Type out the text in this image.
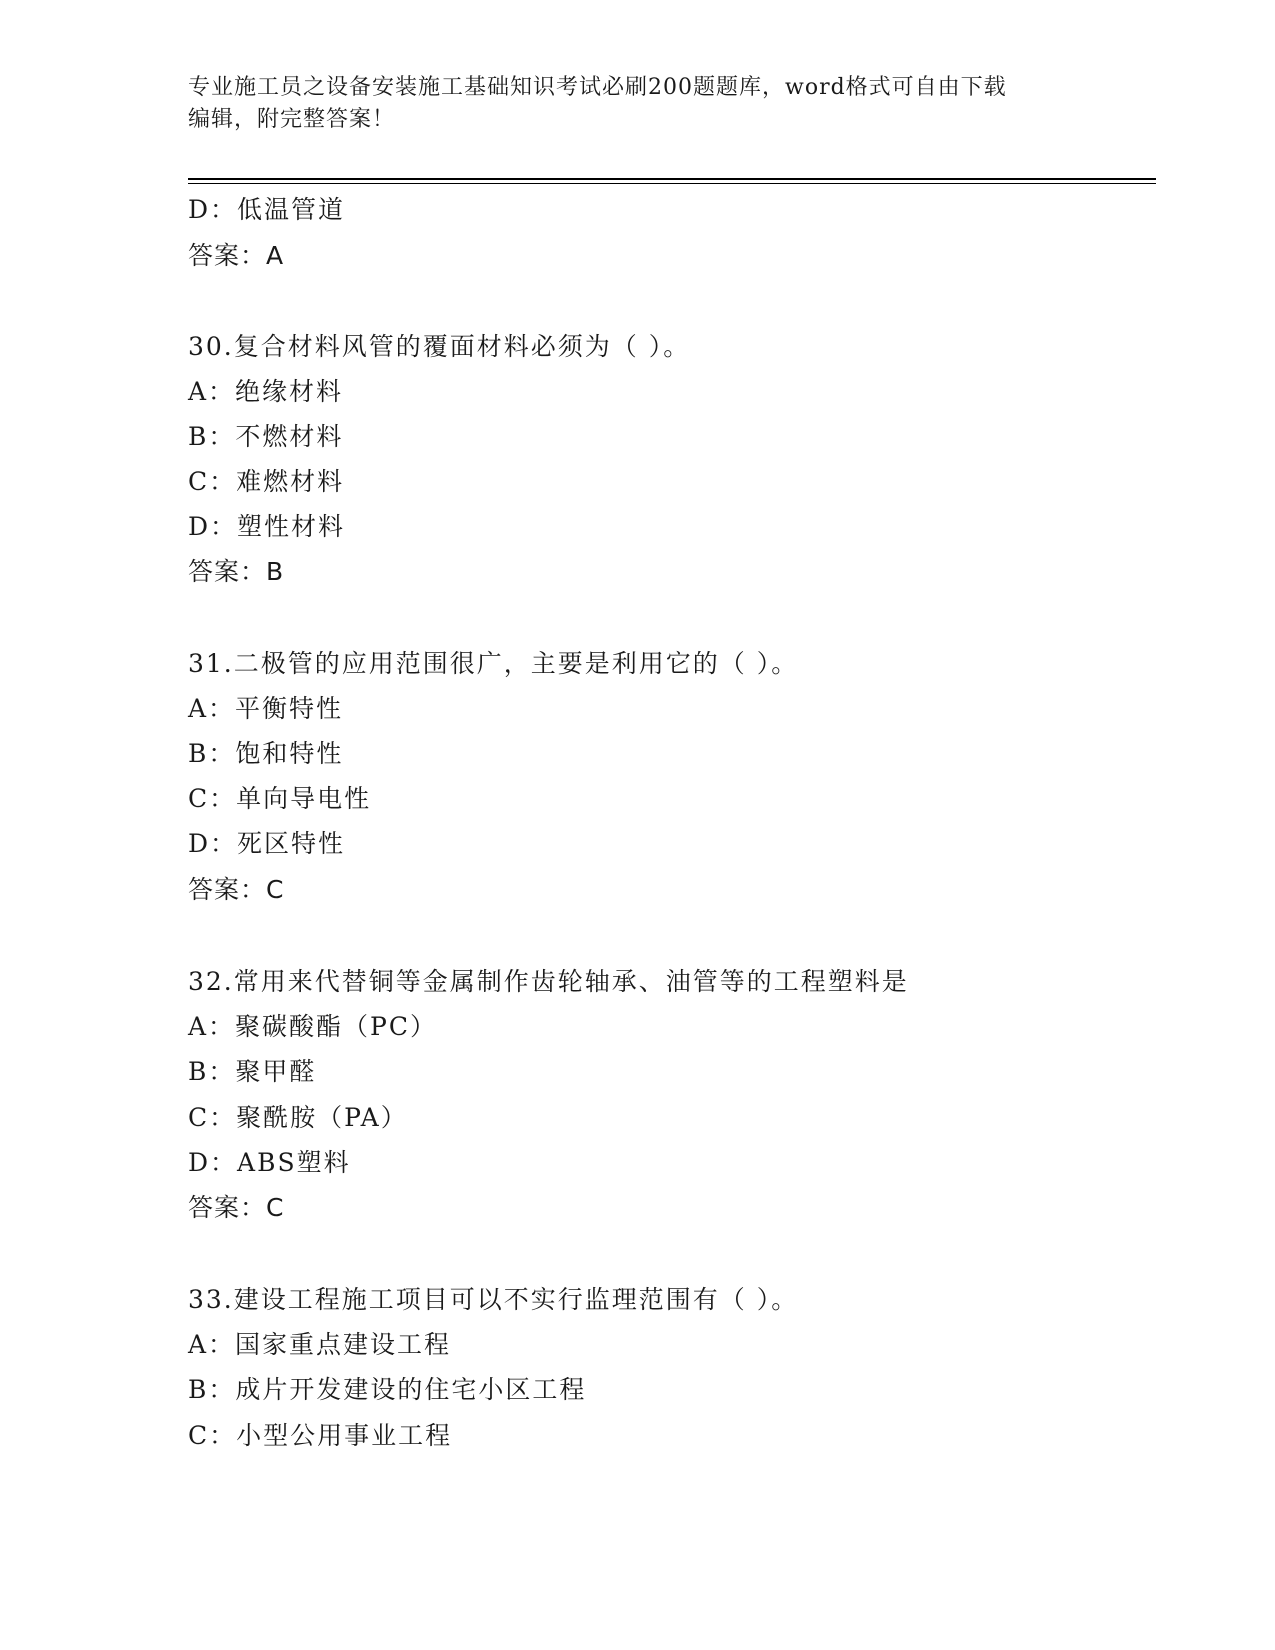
专业施工员之设备安装施工基础知识考试必刷200题题库，word格式可自由下载
编辑，附完整答案！
D：低温管道
答案：A
30.复合材料风管的覆面材料必须为（ ）。
A：绝缘材料
B：不燃材料
C：难燃材料
D：塑性材料
答案：B
31.二极管的应用范围很广，主要是利用它的（ ）。
A：平衡特性
B：饱和特性
C：单向导电性
D：死区特性
答案：C
32.常用来代替铜等金属制作齿轮轴承、油管等的工程塑料是
A：聚碳酸酯（PC）
B：聚甲醛
C：聚酰胺（PA）
D：ABS塑料
答案：C
33.建设工程施工项目可以不实行监理范围有（ ）。
A：国家重点建设工程
B：成片开发建设的住宅小区工程
C：小型公用事业工程
